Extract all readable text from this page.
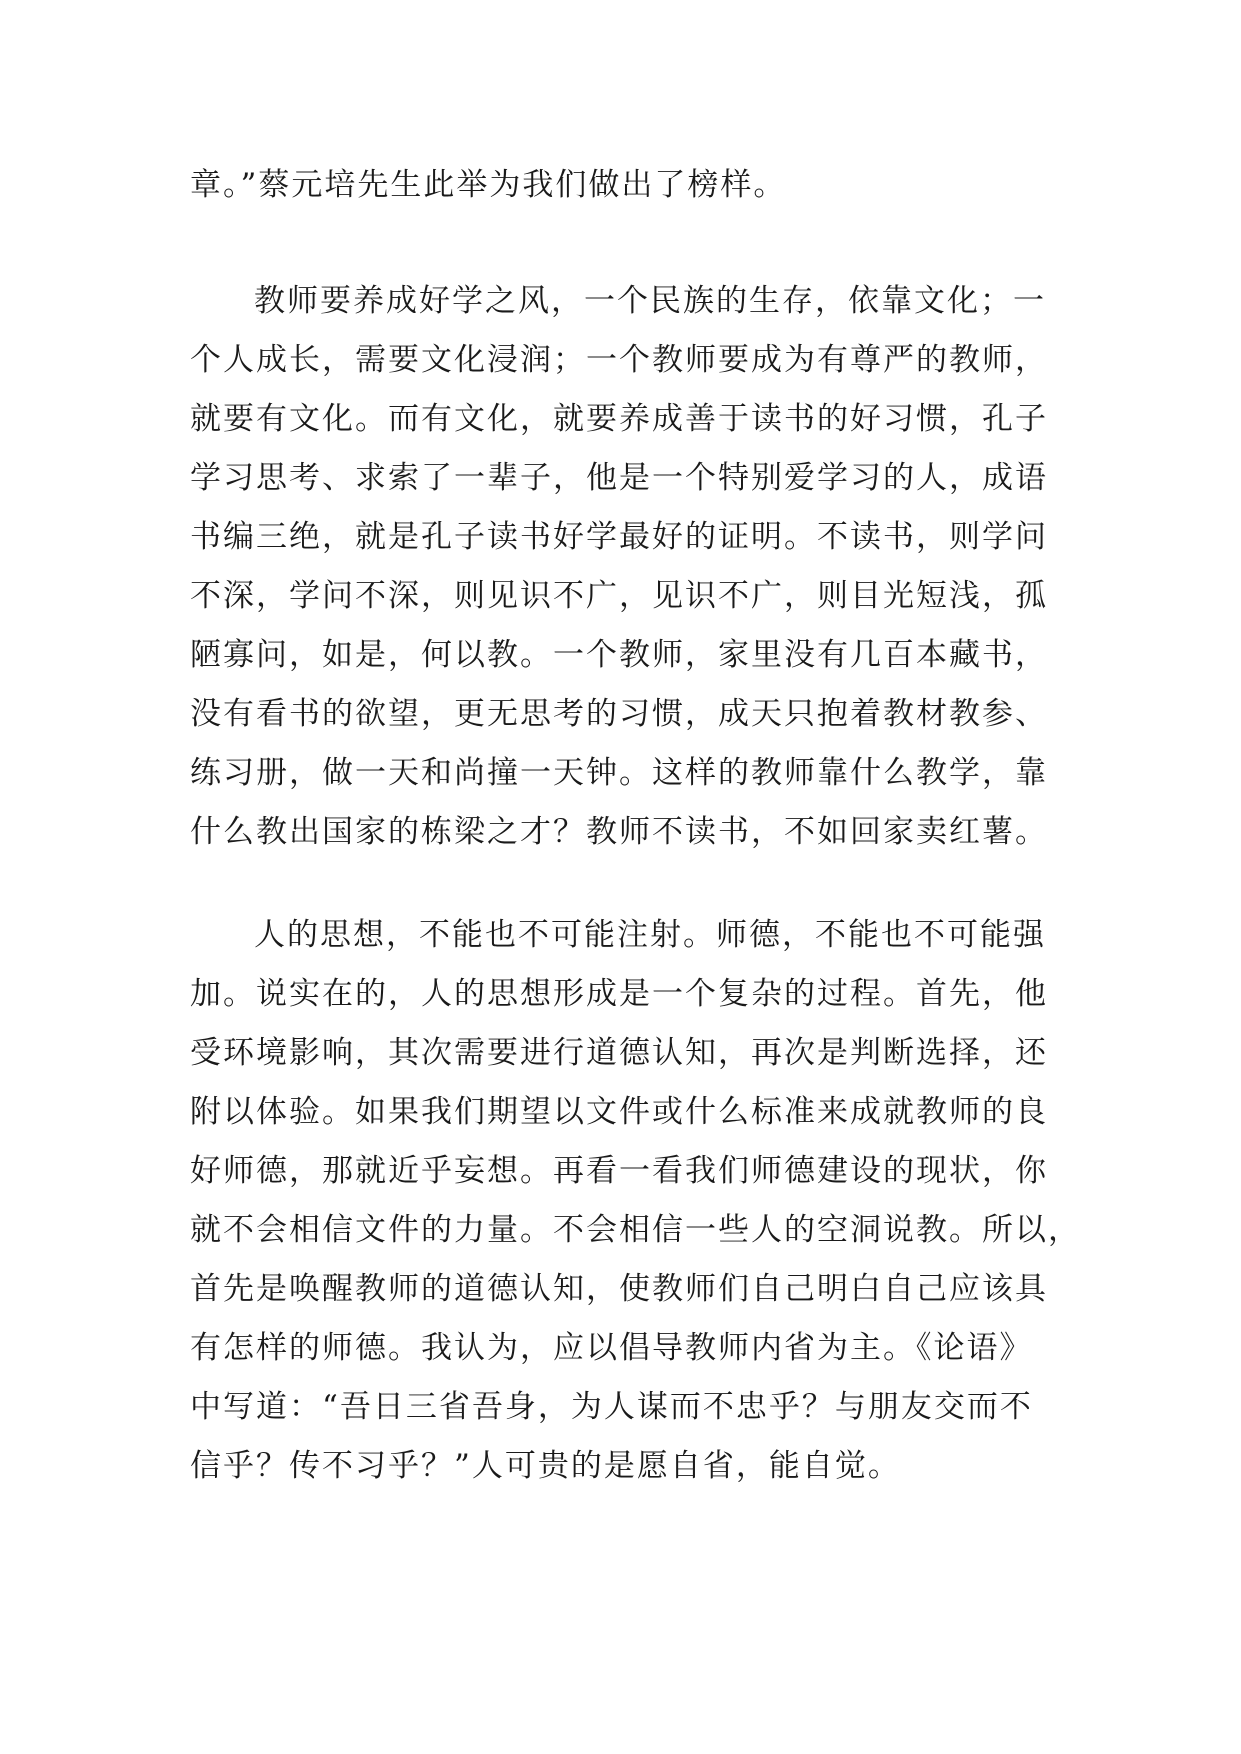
章。”蔡元培先生此举为我们做出了榜样。
教师要养成好学之风，一个民族的生存，依靠文化；一
个人成长，需要文化浸润；一个教师要成为有尊严的教师，
就要有文化。而有文化，就要养成善于读书的好习惯，孔子
学习思考、求索了一辈子，他是一个特别爱学习的人，成语
书编三绝，就是孔子读书好学最好的证明。不读书，则学问
不深，学问不深，则见识不广，见识不广，则目光短浅，孤
陋寡问，如是，何以教。一个教师，家里没有几百本藏书，
没有看书的欲望，更无思考的习惯，成天只抱着教材教参、
练习册，做一天和尚撞一天钟。这样的教师靠什么教学，靠
什么教出国家的栋梁之才？教师不读书，不如回家卖红薯。
人的思想，不能也不可能注射。师德，不能也不可能强
加。说实在的，人的思想形成是一个复杂的过程。首先，他
受环境影响，其次需要进行道德认知，再次是判断选择，还
附以体验。如果我们期望以文件或什么标准来成就教师的良
好师德，那就近乎妄想。再看一看我们师德建设的现状，你
就不会相信文件的力量。不会相信一些人的空洞说教。所以，
首先是唤醒教师的道德认知，使教师们自己明白自己应该具
有怎样的师德。我认为，应以倡导教师内省为主。《论语》
中写道：“吾日三省吾身，为人谋而不忠乎？与朋友交而不
信乎？传不习乎？”人可贵的是愿自省，能自觉。
